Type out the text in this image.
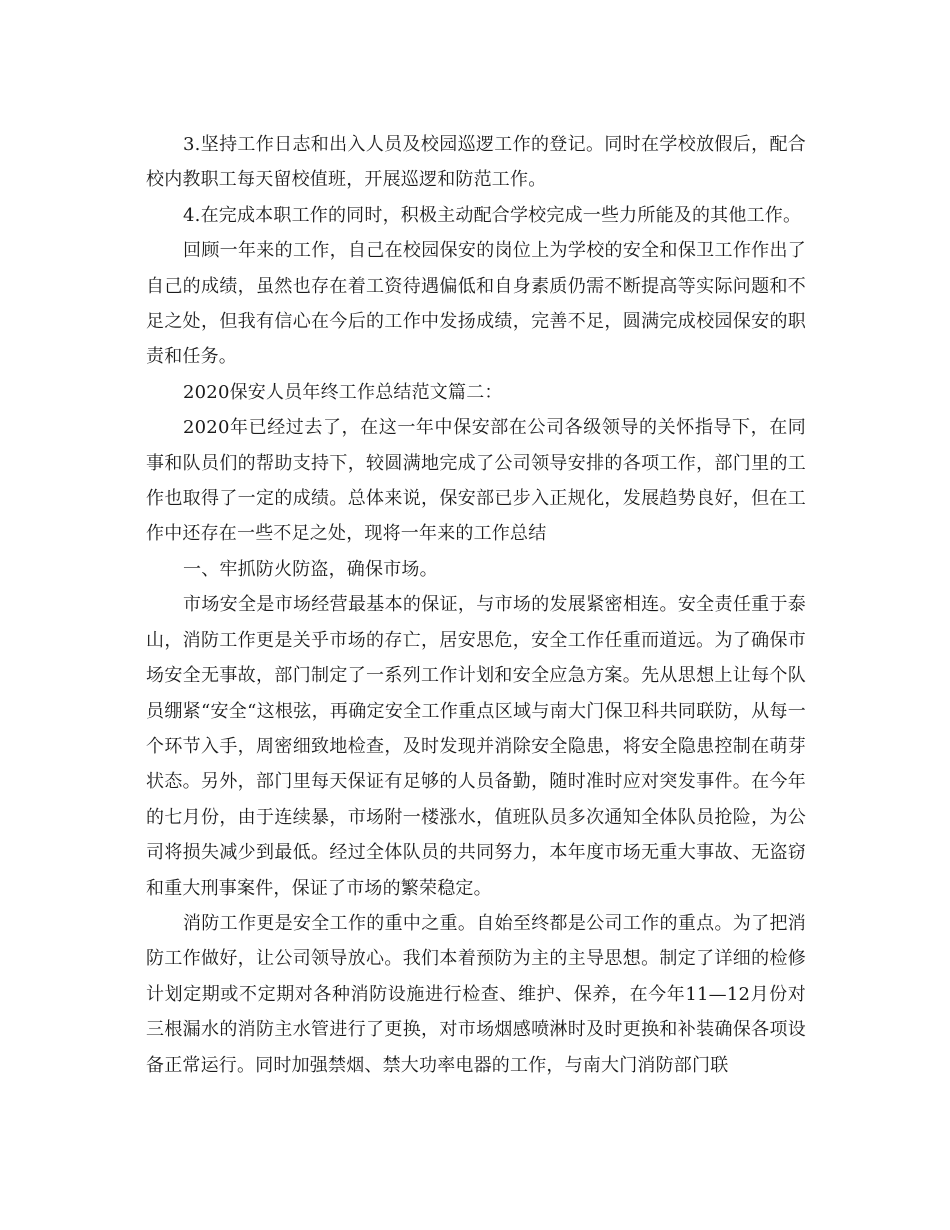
3.坚持工作日志和出入人员及校园巡逻工作的登记。同时在学校放假后，配合校内教职工每天留校值班，开展巡逻和防范工作。

4.在完成本职工作的同时，积极主动配合学校完成一些力所能及的其他工作。

回顾一年来的工作，自己在校园保安的岗位上为学校的安全和保卫工作作出了自己的成绩，虽然也存在着工资待遇偏低和自身素质仍需不断提高等实际问题和不足之处，但我有信心在今后的工作中发扬成绩，完善不足，圆满完成校园保安的职责和任务。

2020保安人员年终工作总结范文篇二：

2020年已经过去了，在这一年中保安部在公司各级领导的关怀指导下，在同事和队员们的帮助支持下，较圆满地完成了公司领导安排的各项工作，部门里的工作也取得了一定的成绩。总体来说，保安部已步入正规化，发展趋势良好，但在工作中还存在一些不足之处，现将一年来的工作总结

一、牢抓防火防盗，确保市场。

市场安全是市场经营最基本的保证，与市场的发展紧密相连。安全责任重于泰山，消防工作更是关乎市场的存亡，居安思危，安全工作任重而道远。为了确保市场安全无事故，部门制定了一系列工作计划和安全应急方案。先从思想上让每个队员绷紧“安全“这根弦，再确定安全工作重点区域与南大门保卫科共同联防，从每一个环节入手，周密细致地检查，及时发现并消除安全隐患，将安全隐患控制在萌芽状态。另外，部门里每天保证有足够的人员备勤，随时准时应对突发事件。在今年的七月份，由于连续暴，市场附一楼涨水，值班队员多次通知全体队员抢险，为公司将损失减少到最低。经过全体队员的共同努力，本年度市场无重大事故、无盗窃和重大刑事案件，保证了市场的繁荣稳定。

消防工作更是安全工作的重中之重。自始至终都是公司工作的重点。为了把消防工作做好，让公司领导放心。我们本着预防为主的主导思想。制定了详细的检修计划定期或不定期对各种消防设施进行检查、维护、保养，在今年11—12月份对三根漏水的消防主水管进行了更换，对市场烟感喷淋时及时更换和补装确保各项设备正常运行。同时加强禁烟、禁大功率电器的工作，与南大门消防部门联
